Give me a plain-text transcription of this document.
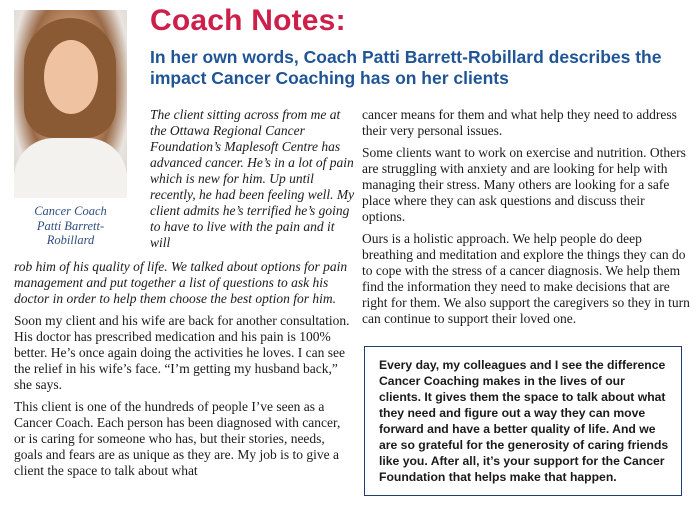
Cancer Coach
Patti Barrett-
Robillard
Coach Notes:
In her own words, Coach Patti Barrett-Robillard describes the impact Cancer Coaching has on her clients

The client sitting across from me at the Ottawa Regional Cancer Foundation’s Maplesoft Centre has advanced cancer. He’s in a lot of pain which is new for him. Up until recently, he had been feeling well. My client admits he’s terrified he’s going to have to live with the pain and it will

rob him of his quality of life. We talked about options for pain management and put together a list of questions to ask his doctor in order to help them choose the best option for him.

Soon my client and his wife are back for another consultation. His doctor has prescribed medication and his pain is 100% better. He’s once again doing the activities he loves. I can see the relief in his wife’s face. “I’m getting my husband back,” she says.

This client is one of the hundreds of people I’ve seen as a Cancer Coach. Each person has been diagnosed with cancer, or is caring for someone who has, but their stories, needs, goals and fears are as unique as they are. My job is to give a client the space to talk about what

cancer means for them and what help they need to address their very personal issues.

Some clients want to work on exercise and nutrition. Others are struggling with anxiety and are looking for help with managing their stress. Many others are looking for a safe place where they can ask questions and discuss their options.

Ours is a holistic approach. We help people do deep breathing and meditation and explore the things they can do to cope with the stress of a cancer diagnosis. We help them find the information they need to make decisions that are right for them. We also support the caregivers so they in turn can continue to support their loved one.

Every day, my colleagues and I see the difference Cancer Coaching makes in the lives of our clients. It gives them the space to talk about what they need and figure out a way they can move forward and have a better quality of life. And we are so grateful for the generosity of caring friends like you. After all, it’s your support for the Cancer Foundation that helps make that happen.
